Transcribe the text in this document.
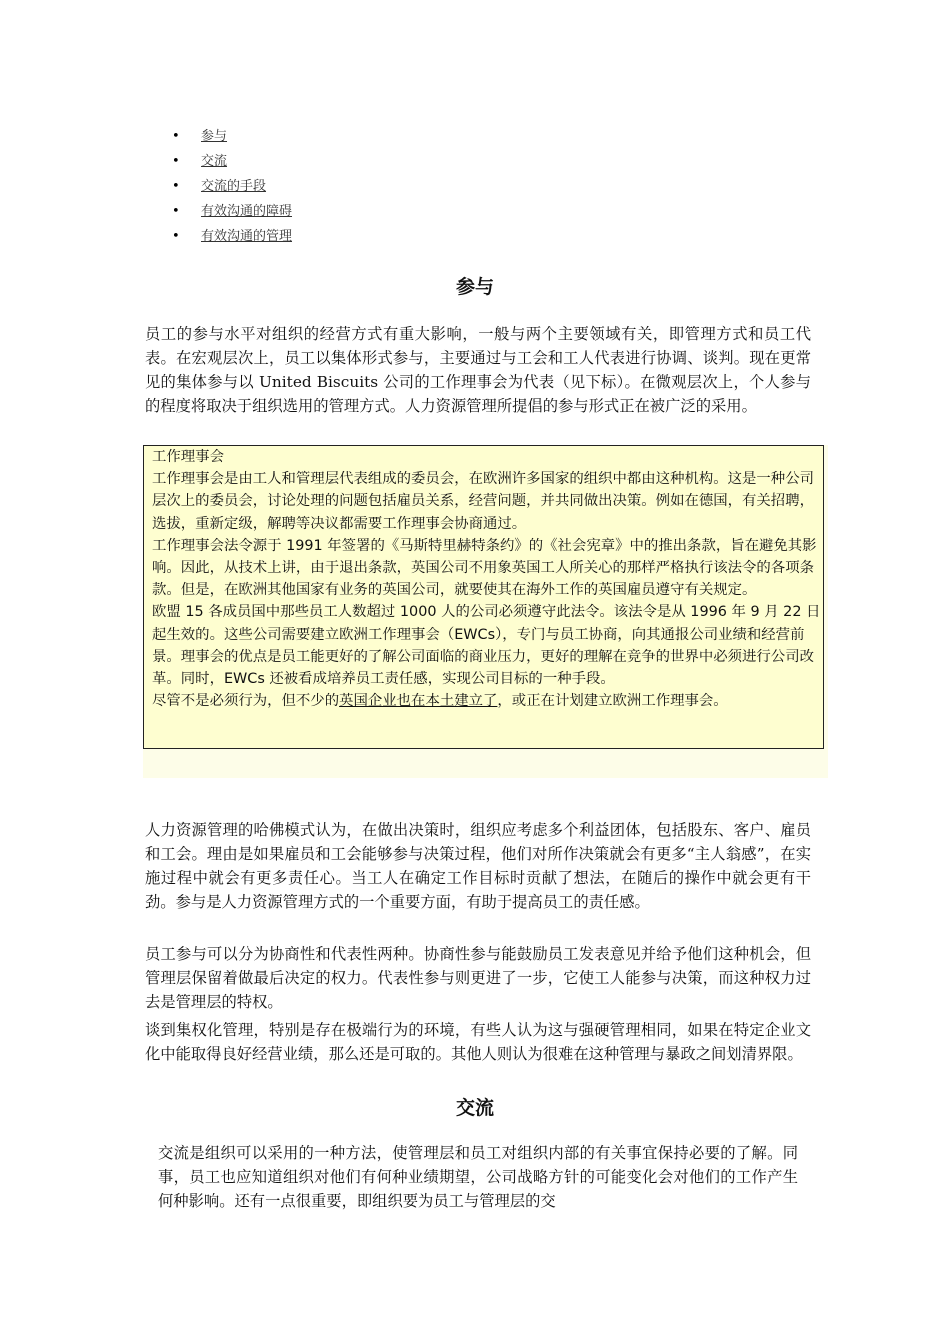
• 参与
• 交流
• 交流的手段
• 有效沟通的障碍
• 有效沟通的管理
参与

员工的参与水平对组织的经营方式有重大影响，一般与两个主要领域有关，即管理方式和员工代表。在宏观层次上，员工以集体形式参与，主要通过与工会和工人代表进行协调、谈判。现在更常见的集体参与以 United Biscuits 公司的工作理事会为代表（见下标）。在微观层次上，个人参与的程度将取决于组织选用的管理方式。人力资源管理所提倡的参与形式正在被广泛的采用。

工作理事会

工作理事会是由工人和管理层代表组成的委员会，在欧洲许多国家的组织中都由这种机构。这是一种公司层次上的委员会，讨论处理的问题包括雇员关系，经营问题，并共同做出决策。例如在德国，有关招聘，选拔，重新定级，解聘等决议都需要工作理事会协商通过。

工作理事会法令源于 1991 年签署的《马斯特里赫特条约》的《社会宪章》中的推出条款，旨在避免其影响。因此，从技术上讲，由于退出条款，英国公司不用象英国工人所关心的那样严格执行该法令的各项条款。但是，在欧洲其他国家有业务的英国公司，就要使其在海外工作的英国雇员遵守有关规定。

欧盟 15 各成员国中那些员工人数超过 1000 人的公司必须遵守此法令。该法令是从 1996 年 9 月 22 日起生效的。这些公司需要建立欧洲工作理事会（EWCs），专门与员工协商，向其通报公司业绩和经营前景。理事会的优点是员工能更好的了解公司面临的商业压力，更好的理解在竞争的世界中必须进行公司改革。同时，EWCs 还被看成培养员工责任感，实现公司目标的一种手段。

尽管不是必须行为，但不少的英国企业也在本土建立了，或正在计划建立欧洲工作理事会。

人力资源管理的哈佛模式认为，在做出决策时，组织应考虑多个利益团体，包括股东、客户、雇员和工会。理由是如果雇员和工会能够参与决策过程，他们对所作决策就会有更多“主人翁感”，在实施过程中就会有更多责任心。当工人在确定工作目标时贡献了想法，在随后的操作中就会更有干劲。参与是人力资源管理方式的一个重要方面，有助于提高员工的责任感。

员工参与可以分为协商性和代表性两种。协商性参与能鼓励员工发表意见并给予他们这种机会，但管理层保留着做最后决定的权力。代表性参与则更进了一步，它使工人能参与决策，而这种权力过去是管理层的特权。

谈到集权化管理，特别是存在极端行为的环境，有些人认为这与强硬管理相同，如果在特定企业文化中能取得良好经营业绩，那么还是可取的。其他人则认为很难在这种管理与暴政之间划清界限。

交流

交流是组织可以采用的一种方法，使管理层和员工对组织内部的有关事宜保持必要的了解。同事，员工也应知道组织对他们有何种业绩期望，公司战略方针的可能变化会对他们的工作产生何种影响。还有一点很重要，即组织要为员工与管理层的交
